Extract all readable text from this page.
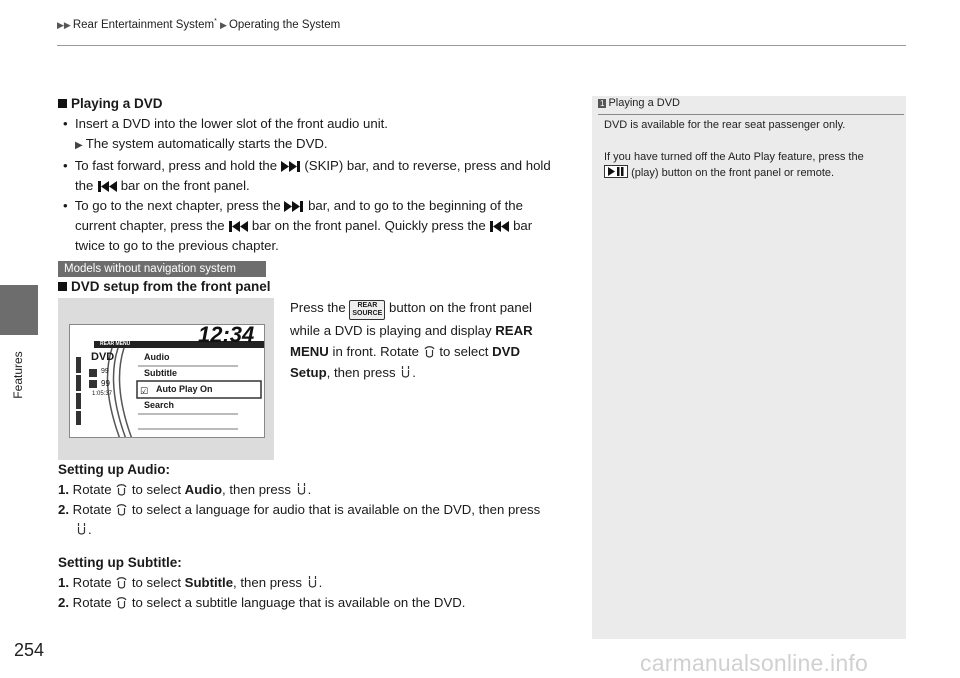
▶▶ Rear Entertainment System* ▶ Operating the System
Features
Playing a DVD
•  Insert a DVD into the lower slot of the front audio unit.
▶ The system automatically starts the DVD.
•  To fast forward, press and hold the (SKIP) bar, and to reverse, press and hold
the bar on the front panel.
•  To go to the next chapter, press the bar, and to go to the beginning of the
current chapter, press the bar on the front panel. Quickly press the bar
twice to go to the previous chapter.
Models without navigation system
DVD setup from the front panel
☑
12:34
REAR MENU
DVD
99
99
1:05:37
Audio
Subtitle
Auto Play On
Search
Press the REAR
SOURCE button on the front panel
while a DVD is playing and display REAR
MENU in front. Rotate to select DVD
Setup, then press .
Setting up Audio:
1. Rotate to select Audio, then press .
2. Rotate to select a language for audio that is available on the DVD, then press
.
Setting up Subtitle:
1. Rotate to select Subtitle, then press .
2. Rotate to select a subtitle language that is available on the DVD.
1 Playing a DVD
DVD is available for the rear seat passenger only.
If you have turned off the Auto Play feature, press the

(play) button on the front panel or remote.
254	carmanualsonline.info
